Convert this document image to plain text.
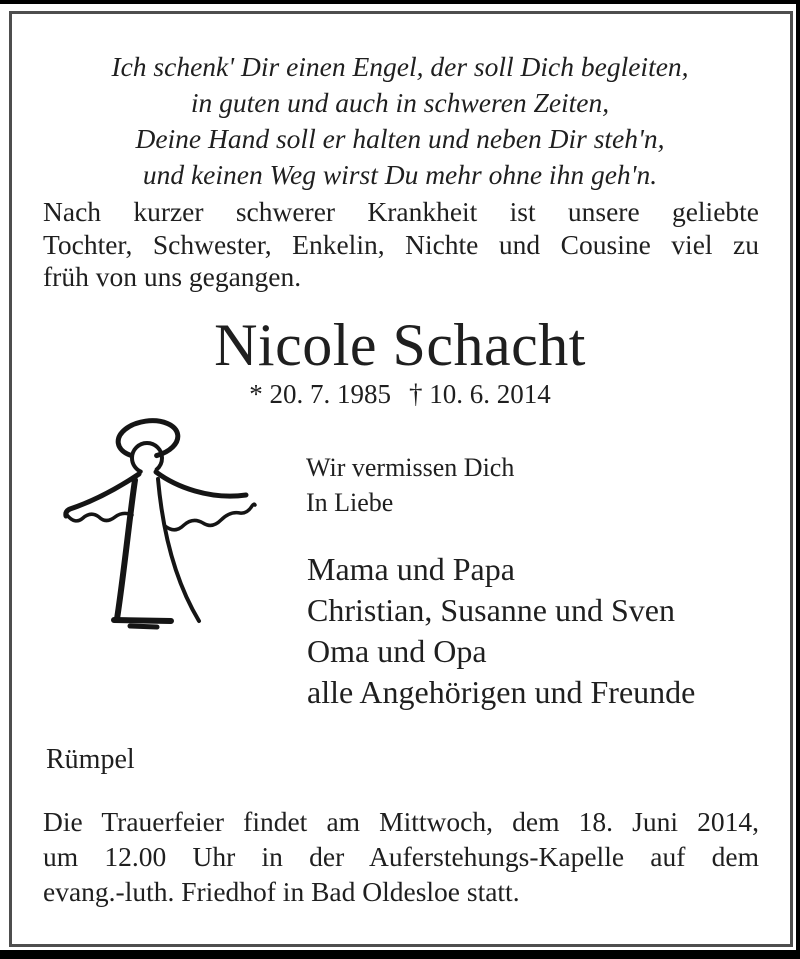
Ich schenk' Dir einen Engel, der soll Dich begleiten,
in guten und auch in schweren Zeiten,
Deine Hand soll er halten und neben Dir steh'n,
und keinen Weg wirst Du mehr ohne ihn geh'n.
Nach kurzer schwerer Krankheit ist unsere geliebte
Tochter, Schwester, Enkelin, Nichte und Cousine viel zu
früh von uns gegangen.
Nicole Schacht
* 20. 7. 1985 † 10. 6. 2014
Wir vermissen Dich
In Liebe
Mama und Papa
Christian, Susanne und Sven
Oma und Opa
alle Angehörigen und Freunde
Rümpel
Die Trauerfeier findet am Mittwoch, dem 18. Juni 2014,
um 12.00 Uhr in der Auferstehungs-Kapelle auf dem
evang.-luth. Friedhof in Bad Oldesloe statt.
